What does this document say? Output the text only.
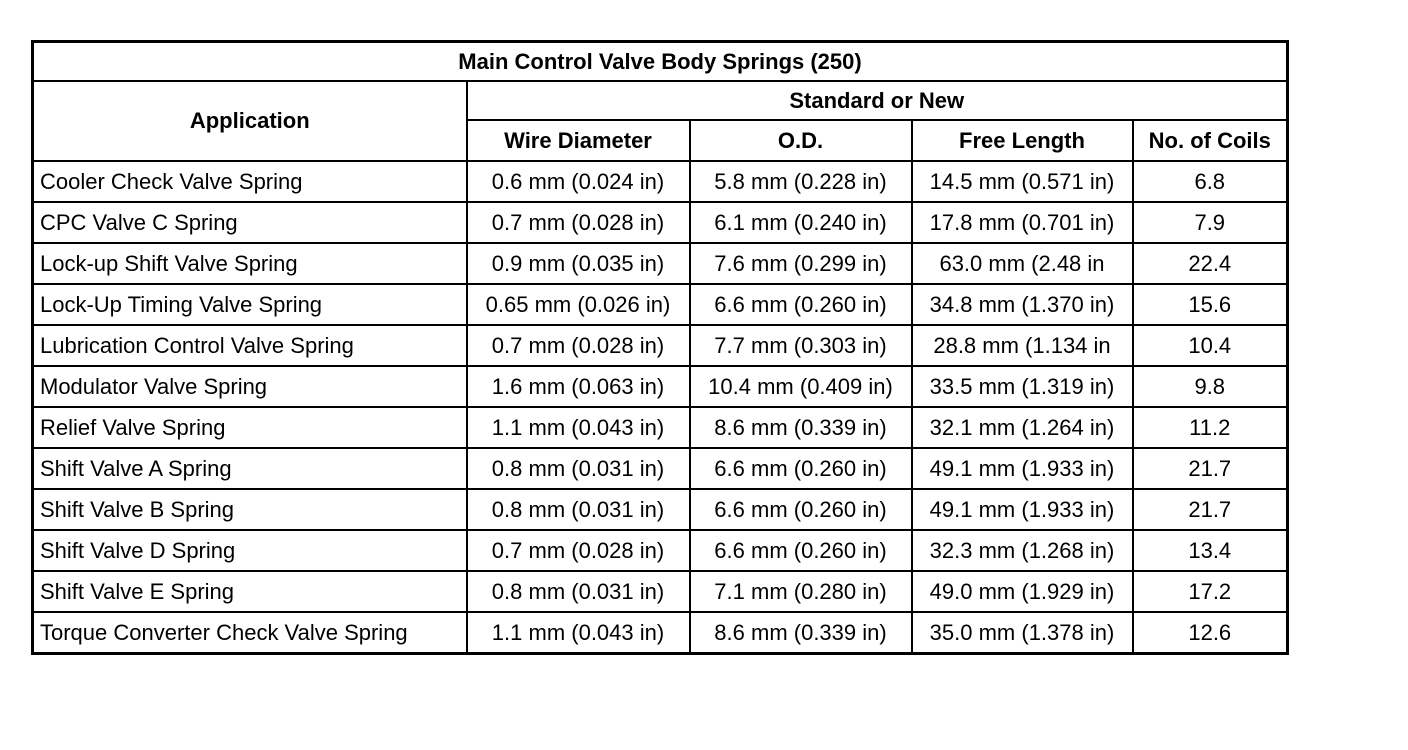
Main Control Valve Body Springs (250)				
Application	Standard or New			
	Wire Diameter	O.D.	Free Length	No. of Coils
Cooler Check Valve Spring	0.6 mm (0.024 in)	5.8 mm (0.228 in)	14.5 mm (0.571 in)	6.8
CPC Valve C Spring	0.7 mm (0.028 in)	6.1 mm (0.240 in)	17.8 mm (0.701 in)	7.9
Lock-up Shift Valve Spring	0.9 mm (0.035 in)	7.6 mm (0.299 in)	63.0 mm (2.48 in	22.4
Lock-Up Timing Valve Spring	0.65 mm (0.026 in)	6.6 mm (0.260 in)	34.8 mm (1.370 in)	15.6
Lubrication Control Valve Spring	0.7 mm (0.028 in)	7.7 mm (0.303 in)	28.8 mm (1.134 in	10.4
Modulator Valve Spring	1.6 mm (0.063 in)	10.4 mm (0.409 in)	33.5 mm (1.319 in)	9.8
Relief Valve Spring	1.1 mm (0.043 in)	8.6 mm (0.339 in)	32.1 mm (1.264 in)	11.2
Shift Valve A Spring	0.8 mm (0.031 in)	6.6 mm (0.260 in)	49.1 mm (1.933 in)	21.7
Shift Valve B Spring	0.8 mm (0.031 in)	6.6 mm (0.260 in)	49.1 mm (1.933 in)	21.7
Shift Valve D Spring	0.7 mm (0.028 in)	6.6 mm (0.260 in)	32.3 mm (1.268 in)	13.4
Shift Valve E Spring	0.8 mm (0.031 in)	7.1 mm (0.280 in)	49.0 mm (1.929 in)	17.2
Torque Converter Check Valve Spring	1.1 mm (0.043 in)	8.6 mm (0.339 in)	35.0 mm (1.378 in)	12.6
